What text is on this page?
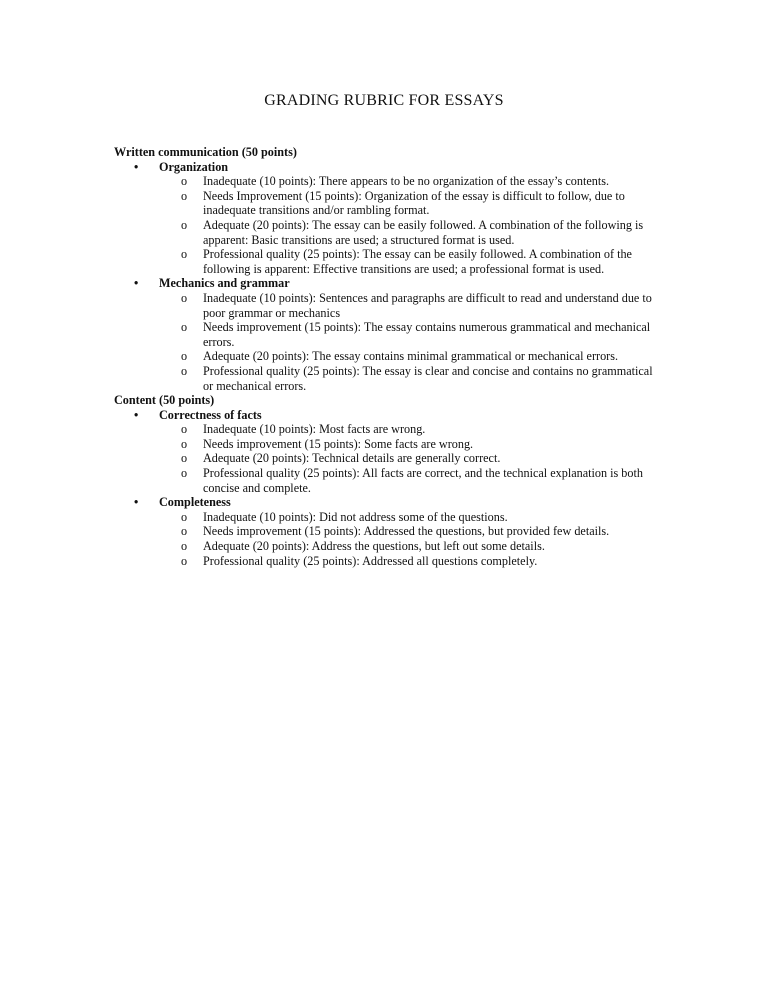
GRADING RUBRIC FOR ESSAYS
Written communication (50 points)
• Organization
o Inadequate (10 points): There appears to be no organization of the essay’s contents.
o Needs Improvement (15 points): Organization of the essay is difficult to follow, due to inadequate transitions and/or rambling format.
o Adequate (20 points): The essay can be easily followed. A combination of the following is apparent: Basic transitions are used; a structured format is used.
o Professional quality (25 points): The essay can be easily followed. A combination of the following is apparent: Effective transitions are used; a professional format is used.
• Mechanics and grammar
o Inadequate (10 points): Sentences and paragraphs are difficult to read and understand due to poor grammar or mechanics
o Needs improvement (15 points): The essay contains numerous grammatical and mechanical errors.
o Adequate (20 points): The essay contains minimal grammatical or mechanical errors.
o Professional quality (25 points): The essay is clear and concise and contains no grammatical or mechanical errors.
Content (50 points)
• Correctness of facts
o Inadequate (10 points): Most facts are wrong.
o Needs improvement (15 points): Some facts are wrong.
o Adequate (20 points): Technical details are generally correct.
o Professional quality (25 points): All facts are correct, and the technical explanation is both concise and complete.
• Completeness
o Inadequate (10 points): Did not address some of the questions.
o Needs improvement (15 points): Addressed the questions, but provided few details.
o Adequate (20 points): Address the questions, but left out some details.
o Professional quality (25 points): Addressed all questions completely.
